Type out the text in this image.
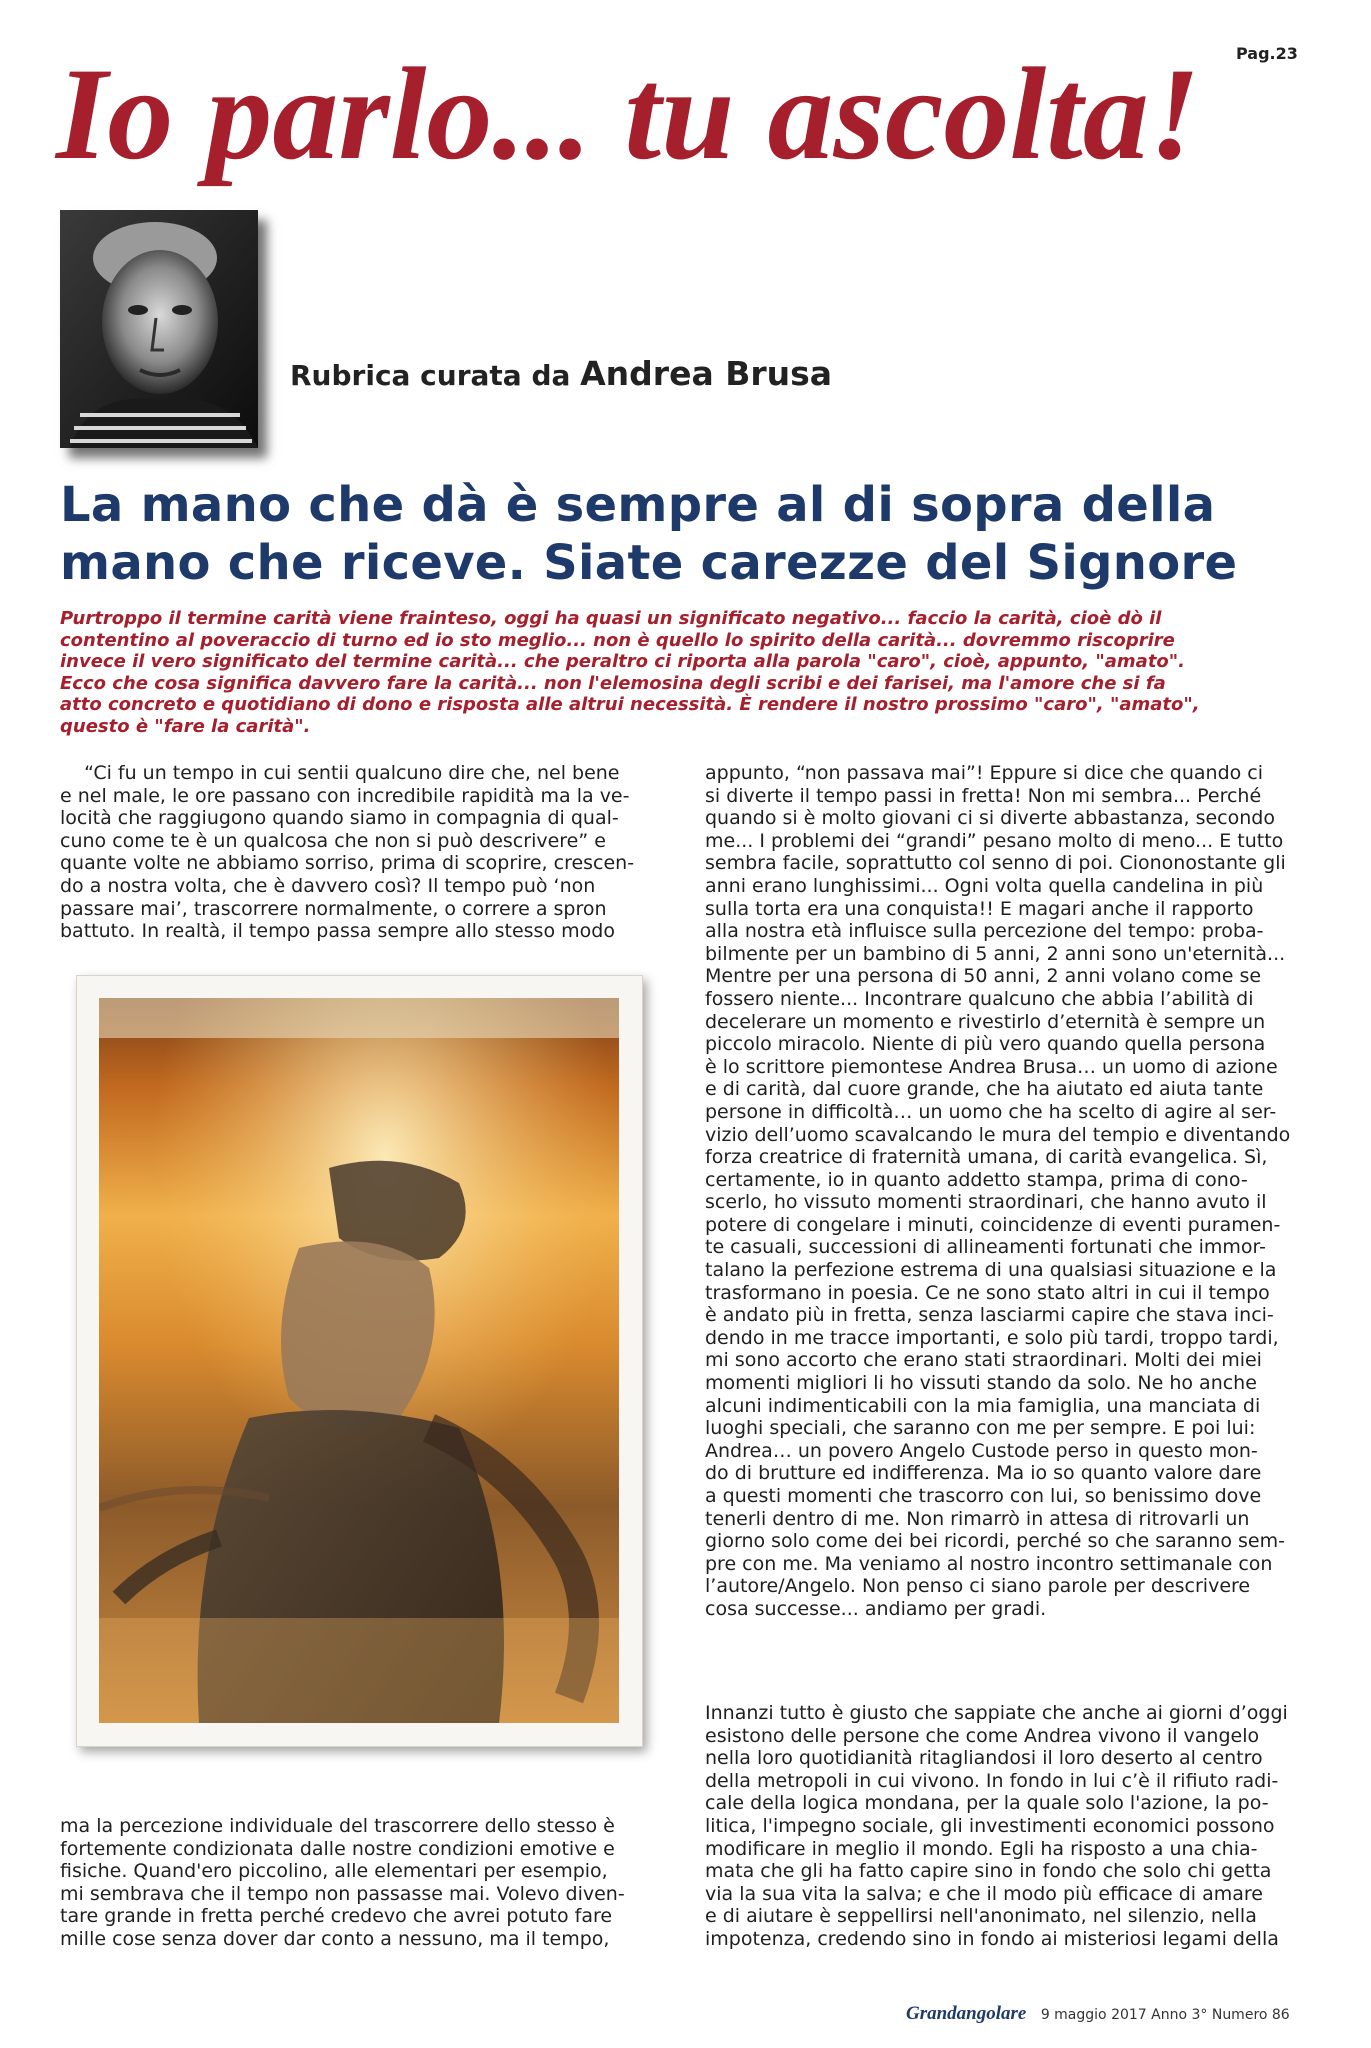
Pag.23
Io parlo... tu ascolta!
Rubrica curata da Andrea Brusa
La mano che dà è sempre al di sopra della
mano che riceve. Siate carezze del Signore
Purtroppo il termine carità viene frainteso, oggi ha quasi un significato negativo... faccio la carità, cioè dò il
contentino al poveraccio di turno ed io sto meglio... non è quello lo spirito della carità... dovremmo riscoprire
invece il vero significato del termine carità... che peraltro ci riporta alla parola "caro", cioè, appunto, "amato".
Ecco che cosa significa davvero fare la carità... non l'elemosina degli scribi e dei farisei, ma l'amore che si fa
atto concreto e quotidiano di dono e risposta alle altrui necessità. È rendere il nostro prossimo "caro", "amato",
questo è "fare la carità".
“Ci fu un tempo in cui sentii qualcuno dire che, nel bene
e nel male, le ore passano con incredibile rapidità ma la ve-
locità che raggiugono quando siamo in compagnia di qual-
cuno come te è un qualcosa che non si può descrivere” e
quante volte ne abbiamo sorriso, prima di scoprire, crescen-
do a nostra volta, che è davvero così? Il tempo può ‘non
passare mai’, trascorrere normalmente, o correre a spron
battuto. In realtà, il tempo passa sempre allo stesso modo
ma la percezione individuale del trascorrere dello stesso è
fortemente condizionata dalle nostre condizioni emotive e
fisiche. Quand'ero piccolino, alle elementari per esempio,
mi sembrava che il tempo non passasse mai. Volevo diven-
tare grande in fretta perché credevo che avrei potuto fare
mille cose senza dover dar conto a nessuno, ma il tempo,
appunto, “non passava mai”! Eppure si dice che quando ci
si diverte il tempo passi in fretta! Non mi sembra... Perché
quando si è molto giovani ci si diverte abbastanza, secondo
me... I problemi dei “grandi” pesano molto di meno... E tutto
sembra facile, soprattutto col senno di poi. Ciononostante gli
anni erano lunghissimi... Ogni volta quella candelina in più
sulla torta era una conquista!! E magari anche il rapporto
alla nostra età influisce sulla percezione del tempo: proba-
bilmente per un bambino di 5 anni, 2 anni sono un'eternità...
Mentre per una persona di 50 anni, 2 anni volano come se
fossero niente... Incontrare qualcuno che abbia l’abilità di
decelerare un momento e rivestirlo d’eternità è sempre un
piccolo miracolo. Niente di più vero quando quella persona
è lo scrittore piemontese Andrea Brusa… un uomo di azione
e di carità, dal cuore grande, che ha aiutato ed aiuta tante
persone in difficoltà… un uomo che ha scelto di agire al ser-
vizio dell’uomo scavalcando le mura del tempio e diventando
forza creatrice di fraternità umana, di carità evangelica. Sì,
certamente, io in quanto addetto stampa, prima di cono-
scerlo, ho vissuto momenti straordinari, che hanno avuto il
potere di congelare i minuti, coincidenze di eventi puramen-
te casuali, successioni di allineamenti fortunati che immor-
talano la perfezione estrema di una qualsiasi situazione e la
trasformano in poesia. Ce ne sono stato altri in cui il tempo
è andato più in fretta, senza lasciarmi capire che stava inci-
dendo in me tracce importanti, e solo più tardi, troppo tardi,
mi sono accorto che erano stati straordinari. Molti dei miei
momenti migliori li ho vissuti stando da solo. Ne ho anche
alcuni indimenticabili con la mia famiglia, una manciata di
luoghi speciali, che saranno con me per sempre. E poi lui:
Andrea… un povero Angelo Custode perso in questo mon-
do di brutture ed indifferenza. Ma io so quanto valore dare
a questi momenti che trascorro con lui, so benissimo dove
tenerli dentro di me. Non rimarrò in attesa di ritrovarli un
giorno solo come dei bei ricordi, perché so che saranno sem-
pre con me. Ma veniamo al nostro incontro settimanale con
l’autore/Angelo. Non penso ci siano parole per descrivere
cosa successe... andiamo per gradi.
Innanzi tutto è giusto che sappiate che anche ai giorni d’oggi
esistono delle persone che come Andrea vivono il vangelo
nella loro quotidianità ritagliandosi il loro deserto al centro
della metropoli in cui vivono. In fondo in lui c’è il rifiuto radi-
cale della logica mondana, per la quale solo l'azione, la po-
litica, l'impegno sociale, gli investimenti economici possono
modificare in meglio il mondo. Egli ha risposto a una chia-
mata che gli ha fatto capire sino in fondo che solo chi getta
via la sua vita la salva; e che il modo più efficace di amare
e di aiutare è seppellirsi nell'anonimato, nel silenzio, nella
impotenza, credendo sino in fondo ai misteriosi legami della
Grandangolare 9 maggio 2017 Anno 3° Numero 86
